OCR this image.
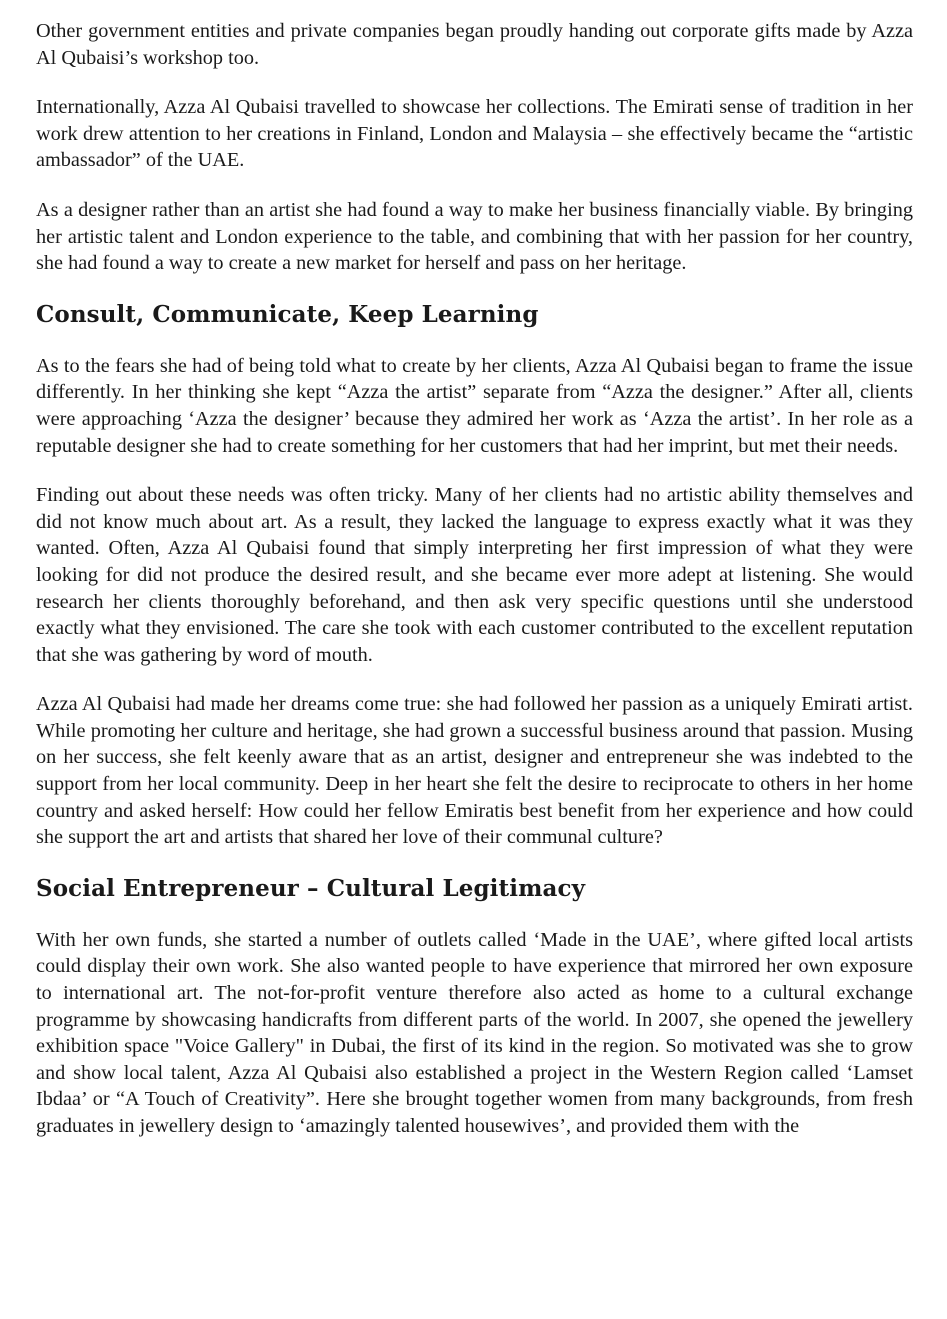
Other government entities and private companies began proudly handing out corporate gifts made by Azza Al Qubaisi’s workshop too.

Internationally, Azza Al Qubaisi travelled to showcase her collections. The Emirati sense of tradition in her work drew attention to her creations in Finland, London and Malaysia – she effectively became the “artistic ambassador” of the UAE.

As a designer rather than an artist she had found a way to make her business financially viable. By bringing her artistic talent and London experience to the table, and combining that with her passion for her country, she had found a way to create a new market for herself and pass on her heritage.

Consult, Communicate, Keep Learning

As to the fears she had of being told what to create by her clients, Azza Al Qubaisi began to frame the issue differently. In her thinking she kept “Azza the artist” separate from “Azza the designer.” After all, clients were approaching ‘Azza the designer’ because they admired her work as ‘Azza the artist’. In her role as a reputable designer she had to create something for her customers that had her imprint, but met their needs.

Finding out about these needs was often tricky. Many of her clients had no artistic ability themselves and did not know much about art. As a result, they lacked the language to express exactly what it was they wanted. Often, Azza Al Qubaisi found that simply interpreting her first impression of what they were looking for did not produce the desired result, and she became ever more adept at listening. She would research her clients thoroughly beforehand, and then ask very specific questions until she understood exactly what they envisioned. The care she took with each customer contributed to the excellent reputation that she was gathering by word of mouth.

Azza Al Qubaisi had made her dreams come true: she had followed her passion as a uniquely Emirati artist. While promoting her culture and heritage, she had grown a successful business around that passion. Musing on her success, she felt keenly aware that as an artist, designer and entrepreneur she was indebted to the support from her local community. Deep in her heart she felt the desire to reciprocate to others in her home country and asked herself: How could her fellow Emiratis best benefit from her experience and how could she support the art and artists that shared her love of their communal culture?

Social Entrepreneur – Cultural Legitimacy

With her own funds, she started a number of outlets called ‘Made in the UAE’, where gifted local artists could display their own work. She also wanted people to have experience that mirrored her own exposure to international art. The not-for-profit venture therefore also acted as home to a cultural exchange programme by showcasing handicrafts from different parts of the world. In 2007, she opened the jewellery exhibition space "Voice Gallery" in Dubai, the first of its kind in the region. So motivated was she to grow and show local talent, Azza Al Qubaisi also established a project in the Western Region called ‘Lamset Ibdaa’ or “A Touch of Creativity”. Here she brought together women from many backgrounds, from fresh graduates in jewellery design to ‘amazingly talented housewives’, and provided them with the
